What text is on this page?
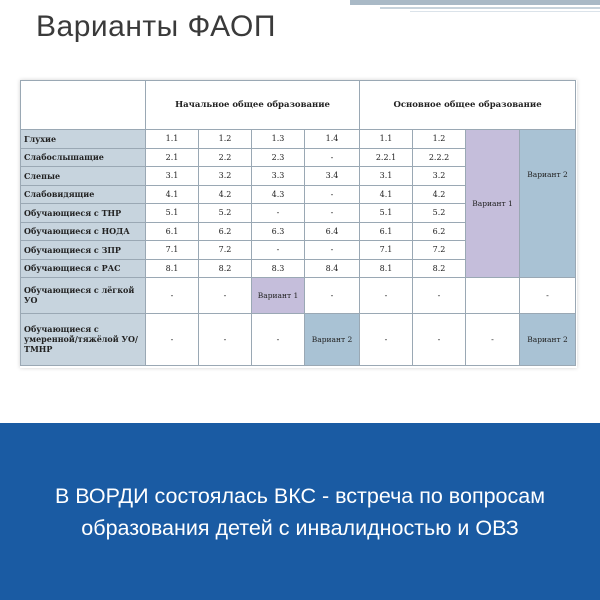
Варианты ФАОП
	Начальное общее образование				Основное общее образование			
Глухие	1.1	1.2	1.3	1.4	1.1	1.2	Вариант 1	Вариант 2
Слабослышащие	2.1	2.2	2.3	-	2.2.1	2.2.2		
Слепые	3.1	3.2	3.3	3.4	3.1	3.2		
Слабовидящие	4.1	4.2	4.3	-	4.1	4.2		
Обучающиеся с ТНР	5.1	5.2	-	-	5.1	5.2		
Обучающиеся с НОДА	6.1	6.2	6.3	6.4	6.1	6.2		
Обучающиеся с ЗПР	7.1	7.2	-	-	7.1	7.2		
Обучающиеся с РАС	8.1	8.2	8.3	8.4	8.1	8.2		
Обучающиеся с лёгкой УО	-	-	Вариант 1	-	-	-		-
Обучающиеся с умеренной/тяжёлой УО/ТМНР	-	-	-	Вариант 2	-	-	-	Вариант 2

В ВОРДИ состоялась ВКС - встреча по вопросам образования детей с инвалидностью и ОВЗ
